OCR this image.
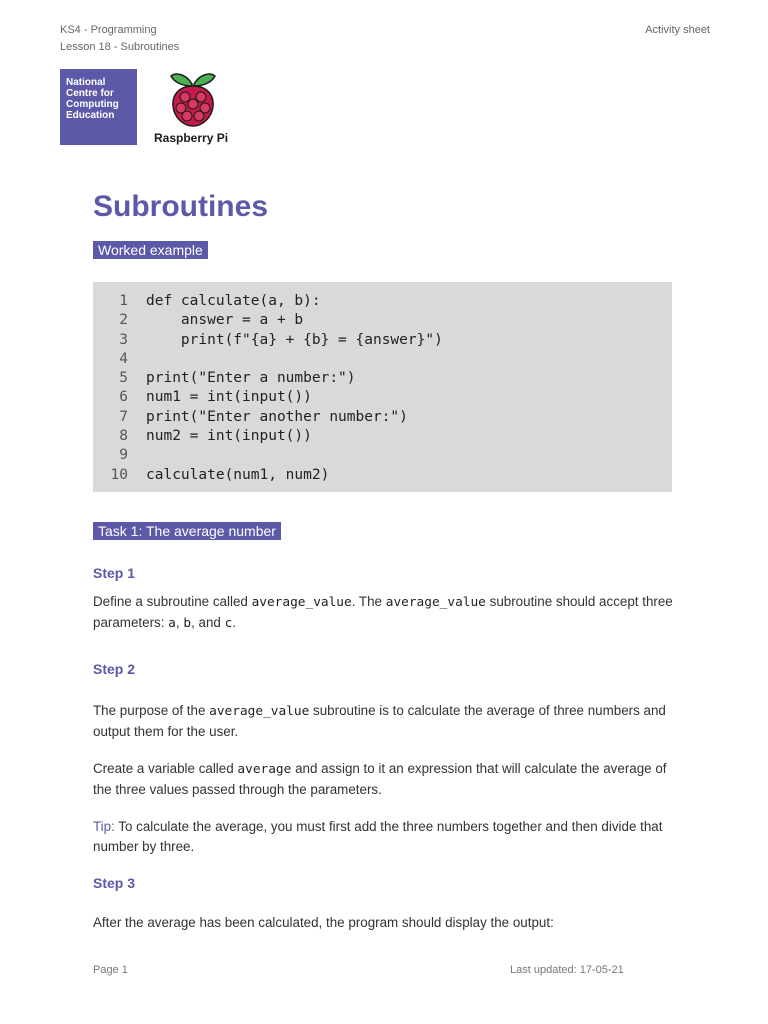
KS4 - Programming
Lesson 18 - Subroutines
Activity sheet
National
Centre for
Computing
Education
Raspberry Pi
Subroutines
Worked example
1 def calculate(a, b):
2 answer = a + b
3 print(f"{a} + {b} = {answer}")
4
5 print("Enter a number:")
6 num1 = int(input())
7 print("Enter another number:")
8 num2 = int(input())
9
10 calculate(num1, num2)
Task 1: The average number
Step 1

Define a subroutine called average_value. The average_value subroutine should accept three parameters: a, b, and c.

Step 2

The purpose of the average_value subroutine is to calculate the average of three numbers and output them for the user.

Create a variable called average and assign to it an expression that will calculate the average of the three values passed through the parameters.

Tip: To calculate the average, you must first add the three numbers together and then divide that number by three.

Step 3

After the average has been calculated, the program should display the output:

Page 1	Last updated: 17-05-21
